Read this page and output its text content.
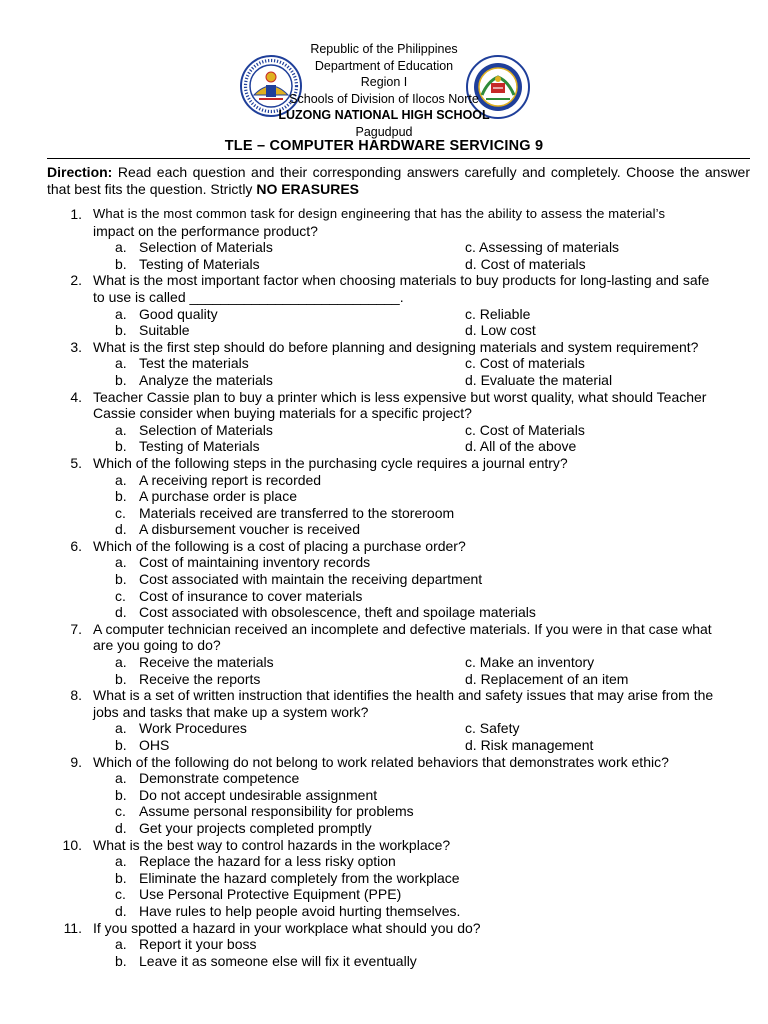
Republic of the Philippines
Department of Education
Region I
Schools of Division of Ilocos Norte
LUZONG NATIONAL HIGH SCHOOL
Pagudpud
TLE – COMPUTER HARDWARE SERVICING 9
Direction: Read each question and their corresponding answers carefully and completely. Choose the answer that best fits the question. Strictly NO ERASURES
1. What is the most common task for design engineering that has the ability to assess the material’s
impact on the performance product?
a. Selection of Materials	c. Assessing of materials
b. Testing of Materials	d. Cost of materials
2. What is the most important factor when choosing materials to buy products for long-lasting and safe
to use is called ___________________________.
a. Good quality	c. Reliable
b. Suitable	d. Low cost
3. What is the first step should do before planning and designing materials and system requirement?
a. Test the materials	c. Cost of materials
b. Analyze the materials	d. Evaluate the material
4. Teacher Cassie plan to buy a printer which is less expensive but worst quality, what should Teacher
Cassie consider when buying materials for a specific project?
a. Selection of Materials	c. Cost of Materials
b. Testing of Materials	d. All of the above
5. Which of the following steps in the purchasing cycle requires a journal entry?
a. A receiving report is recorded
b. A purchase order is place
c. Materials received are transferred to the storeroom
d. A disbursement voucher is received
6. Which of the following is a cost of placing a purchase order?
a. Cost of maintaining inventory records
b. Cost associated with maintain the receiving department
c. Cost of insurance to cover materials
d. Cost associated with obsolescence, theft and spoilage materials
7. A computer technician received an incomplete and defective materials. If you were in that case what
are you going to do?
a. Receive the materials	c. Make an inventory
b. Receive the reports	d. Replacement of an item
8. What is a set of written instruction that identifies the health and safety issues that may arise from the
jobs and tasks that make up a system work?
a. Work Procedures	c. Safety
b. OHS	d. Risk management
9. Which of the following do not belong to work related behaviors that demonstrates work ethic?
a. Demonstrate competence
b. Do not accept undesirable assignment
c. Assume personal responsibility for problems
d. Get your projects completed promptly
10. What is the best way to control hazards in the workplace?
a. Replace the hazard for a less risky option
b. Eliminate the hazard completely from the workplace
c. Use Personal Protective Equipment (PPE)
d. Have rules to help people avoid hurting themselves.
11. If you spotted a hazard in your workplace what should you do?
a. Report it your boss
b. Leave it as someone else will fix it eventually
